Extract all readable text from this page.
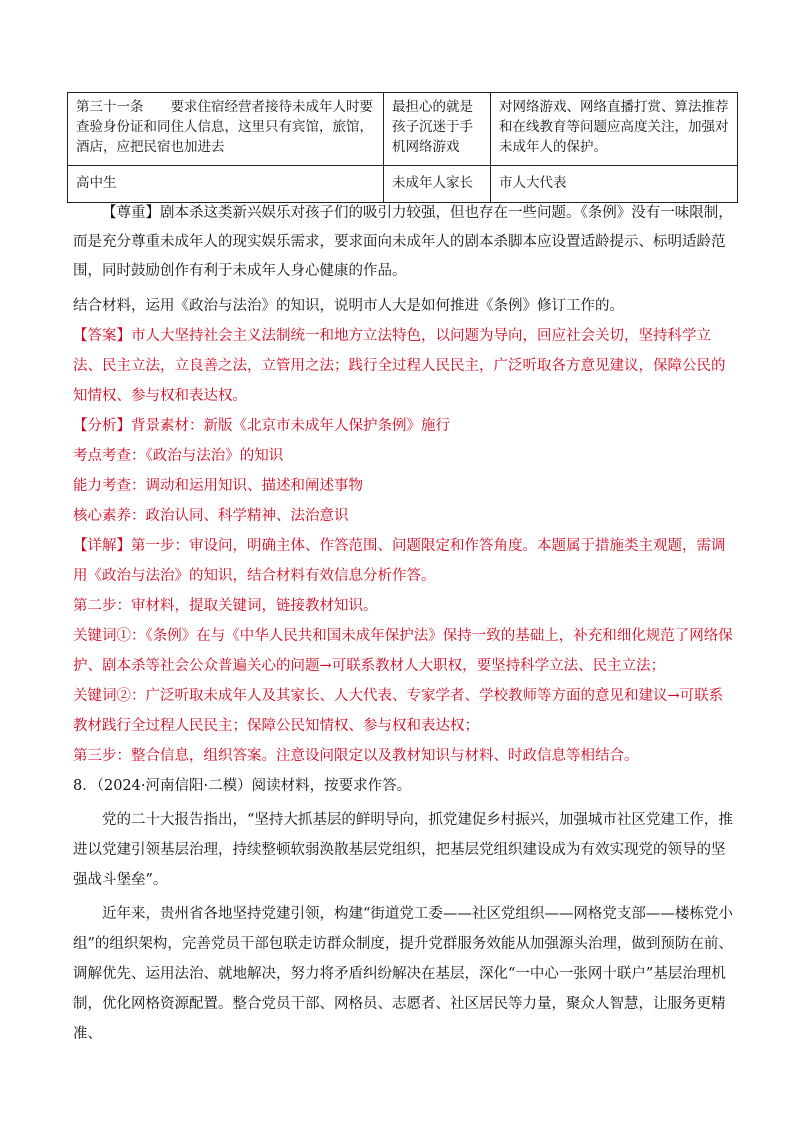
第三十一条　　要求住宿经营者接待未成年人时要查验身份证和同住人信息，这里只有宾馆，旅馆，酒店，应把民宿也加进去	最担心的就是孩子沉迷于手机网络游戏	对网络游戏、网络直播打赏、算法推荐和在线教育等问题应高度关注，加强对未成年人的保护。
高中生	未成年人家长	市人大代表

【尊重】剧本杀这类新兴娱乐对孩子们的吸引力较强，但也存在一些问题。《条例》没有一味限制，而是充分尊重未成年人的现实娱乐需求，要求面向未成年人的剧本杀脚本应设置适龄提示、标明适龄范围，同时鼓励创作有利于未成年人身心健康的作品。

结合材料，运用《政治与法治》的知识，说明市人大是如何推进《条例》修订工作的。

【答案】市人大坚持社会主义法制统一和地方立法特色，以问题为导向，回应社会关切，坚持科学立法、民主立法，立良善之法，立管用之法；践行全过程人民民主，广泛听取各方意见建议，保障公民的知情权、参与权和表达权。

【分析】背景素材：新版《北京市未成年人保护条例》施行

考点考查：《政治与法治》的知识

能力考查：调动和运用知识、描述和阐述事物

核心素养：政治认同、科学精神、法治意识

【详解】第一步：审设问，明确主体、作答范围、问题限定和作答角度。本题属于措施类主观题，需调用《政治与法治》的知识，结合材料有效信息分析作答。

第二步：审材料，提取关键词，链接教材知识。

关键词①：《条例》在与《中华人民共和国未成年保护法》保持一致的基础上，补充和细化规范了网络保护、剧本杀等社会公众普遍关心的问题→可联系教材人大职权，要坚持科学立法、民主立法；

关键词②：广泛听取未成年人及其家长、人大代表、专家学者、学校教师等方面的意见和建议→可联系教材践行全过程人民民主；保障公民知情权、参与权和表达权；

第三步：整合信息，组织答案。注意设问限定以及教材知识与材料、时政信息等相结合。

8．（2024·河南信阳·二模）阅读材料，按要求作答。

党的二十大报告指出，“坚持大抓基层的鲜明导向，抓党建促乡村振兴，加强城市社区党建工作，推进以党建引领基层治理，持续整顿软弱涣散基层党组织，把基层党组织建设成为有效实现党的领导的坚强战斗堡垒”。

近年来，贵州省各地坚持党建引领，构建“街道党工委——社区党组织——网格党支部——楼栋党小组”的组织架构，完善党员干部包联走访群众制度，提升党群服务效能从加强源头治理，做到预防在前、调解优先、运用法治、就地解决，努力将矛盾纠纷解决在基层，深化“一中心一张网十联户”基层治理机制，优化网格资源配置。整合党员干部、网格员、志愿者、社区居民等力量，聚众人智慧，让服务更精准、
